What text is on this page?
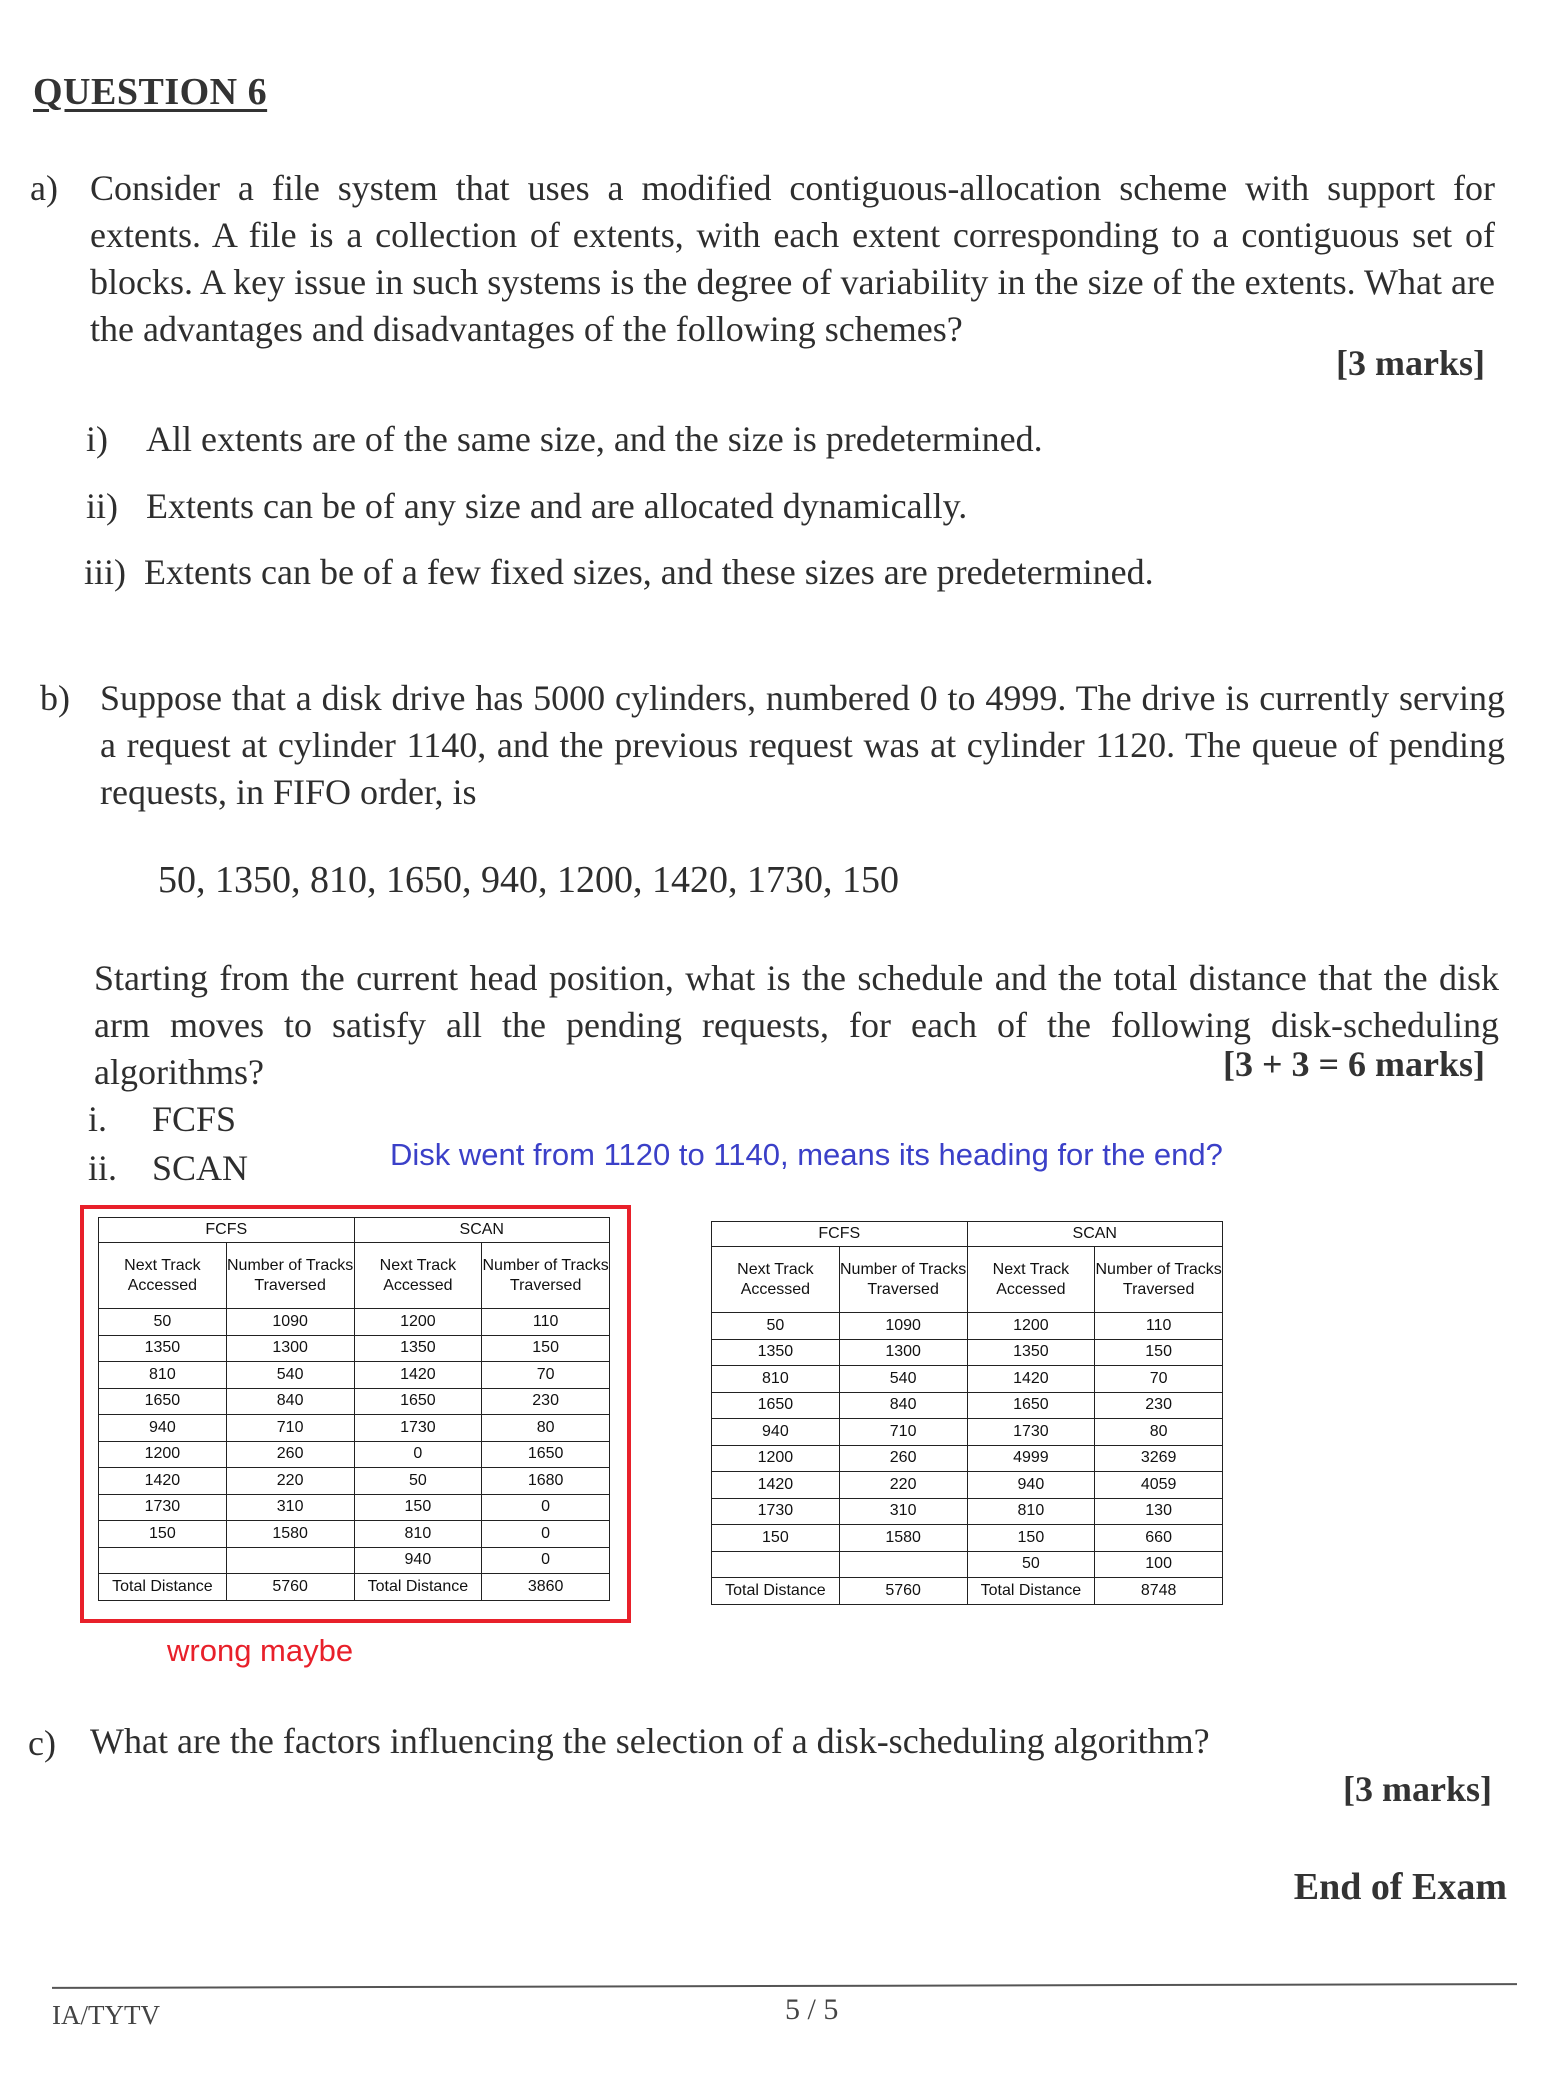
QUESTION 6
a) Consider a file system that uses a modified contiguous-allocation scheme with support for extents. A file is a collection of extents, with each extent corresponding to a contiguous set of blocks. A key issue in such systems is the degree of variability in the size of the extents. What are the advantages and disadvantages of the following schemes?
[3 marks]
i) All extents are of the same size, and the size is predetermined.
ii) Extents can be of any size and are allocated dynamically.
iii) Extents can be of a few fixed sizes, and these sizes are predetermined.
b) Suppose that a disk drive has 5000 cylinders, numbered 0 to 4999. The drive is currently serving a request at cylinder 1140, and the previous request was at cylinder 1120. The queue of pending requests, in FIFO order, is
50, 1350, 810, 1650, 940, 1200, 1420, 1730, 150
Starting from the current head position, what is the schedule and the total distance that the disk arm moves to satisfy all the pending requests, for each of the following disk-scheduling algorithms?	[3 + 3 = 6 marks]
i. FCFS
ii. SCAN	Disk went from 1120 to 1140, means its heading for the end?
FCFS		SCAN	
Next Track Accessed	Number of Tracks Traversed	Next Track Accessed	Number of Tracks Traversed
50	1090	1200	110
1350	1300	1350	150
810	540	1420	70
1650	840	1650	230
940	710	1730	80
1200	260	0	1650
1420	220	50	1680
1730	310	150	0
150	1580	810	0
		940	0
Total Distance	5760	Total Distance	3860
wrong maybe
FCFS		SCAN	
Next Track Accessed	Number of Tracks Traversed	Next Track Accessed	Number of Tracks Traversed
50	1090	1200	110
1350	1300	1350	150
810	540	1420	70
1650	840	1650	230
940	710	1730	80
1200	260	4999	3269
1420	220	940	4059
1730	310	810	130
150	1580	150	660
		50	100
Total Distance	5760	Total Distance	8748
c) What are the factors influencing the selection of a disk-scheduling algorithm?
[3 marks]
End of Exam
IA/TYTV	5 / 5
